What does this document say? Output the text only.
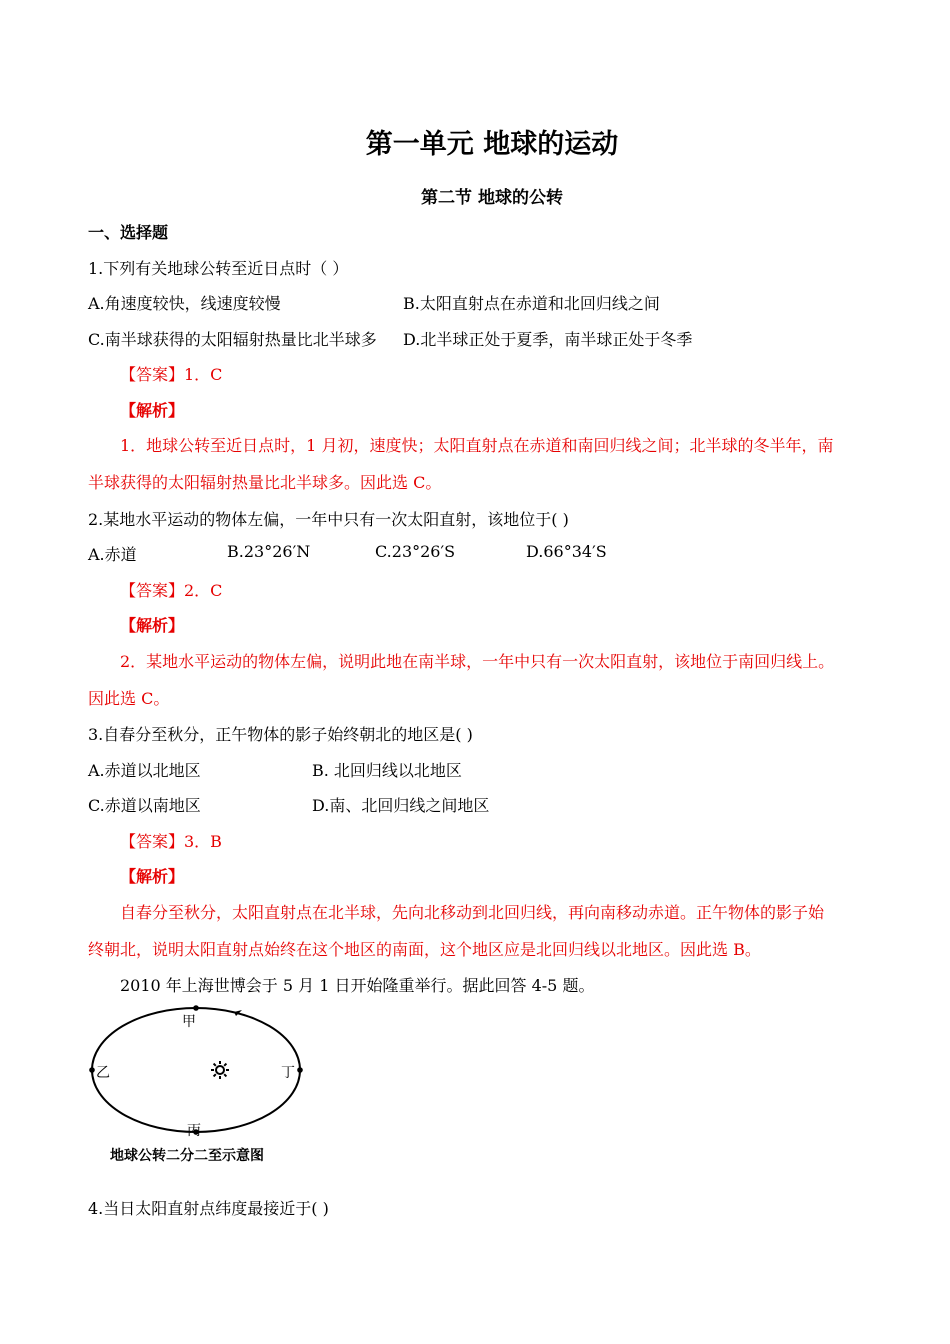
第一单元 地球的运动
第二节 地球的公转
一、选择题
1.下列有关地球公转至近日点时（ ）
A.角速度较快，线速度较慢	B.太阳直射点在赤道和北回归线之间
C.南半球获得的太阳辐射热量比北半球多 D.北半球正处于夏季，南半球正处于冬季
【答案】1．C
【解析】
1．地球公转至近日点时，1 月初，速度快；太阳直射点在赤道和南回归线之间；北半球的冬半年，南
半球获得的太阳辐射热量比北半球多。因此选 C。
2.某地水平运动的物体左偏，一年中只有一次太阳直射，该地位于( )
A.赤道	B.23°26′N	C.23°26′S	D.66°34′S
【答案】2．C
【解析】
2．某地水平运动的物体左偏，说明此地在南半球，一年中只有一次太阳直射，该地位于南回归线上。
因此选 C。
3.自春分至秋分，正午物体的影子始终朝北的地区是( )
A.赤道以北地区	B. 北回归线以北地区
C.赤道以南地区	D.南、北回归线之间地区
【答案】3．B
【解析】
自春分至秋分，太阳直射点在北半球，先向北移动到北回归线，再向南移动赤道。正午物体的影子始
终朝北，说明太阳直射点始终在这个地区的南面，这个地区应是北回归线以北地区。因此选 B。
2010 年上海世博会于 5 月 1 日开始隆重举行。据此回答 4-5 题。
甲
乙	丁
丙
地球公转二分二至示意图
4.当日太阳直射点纬度最接近于( )
